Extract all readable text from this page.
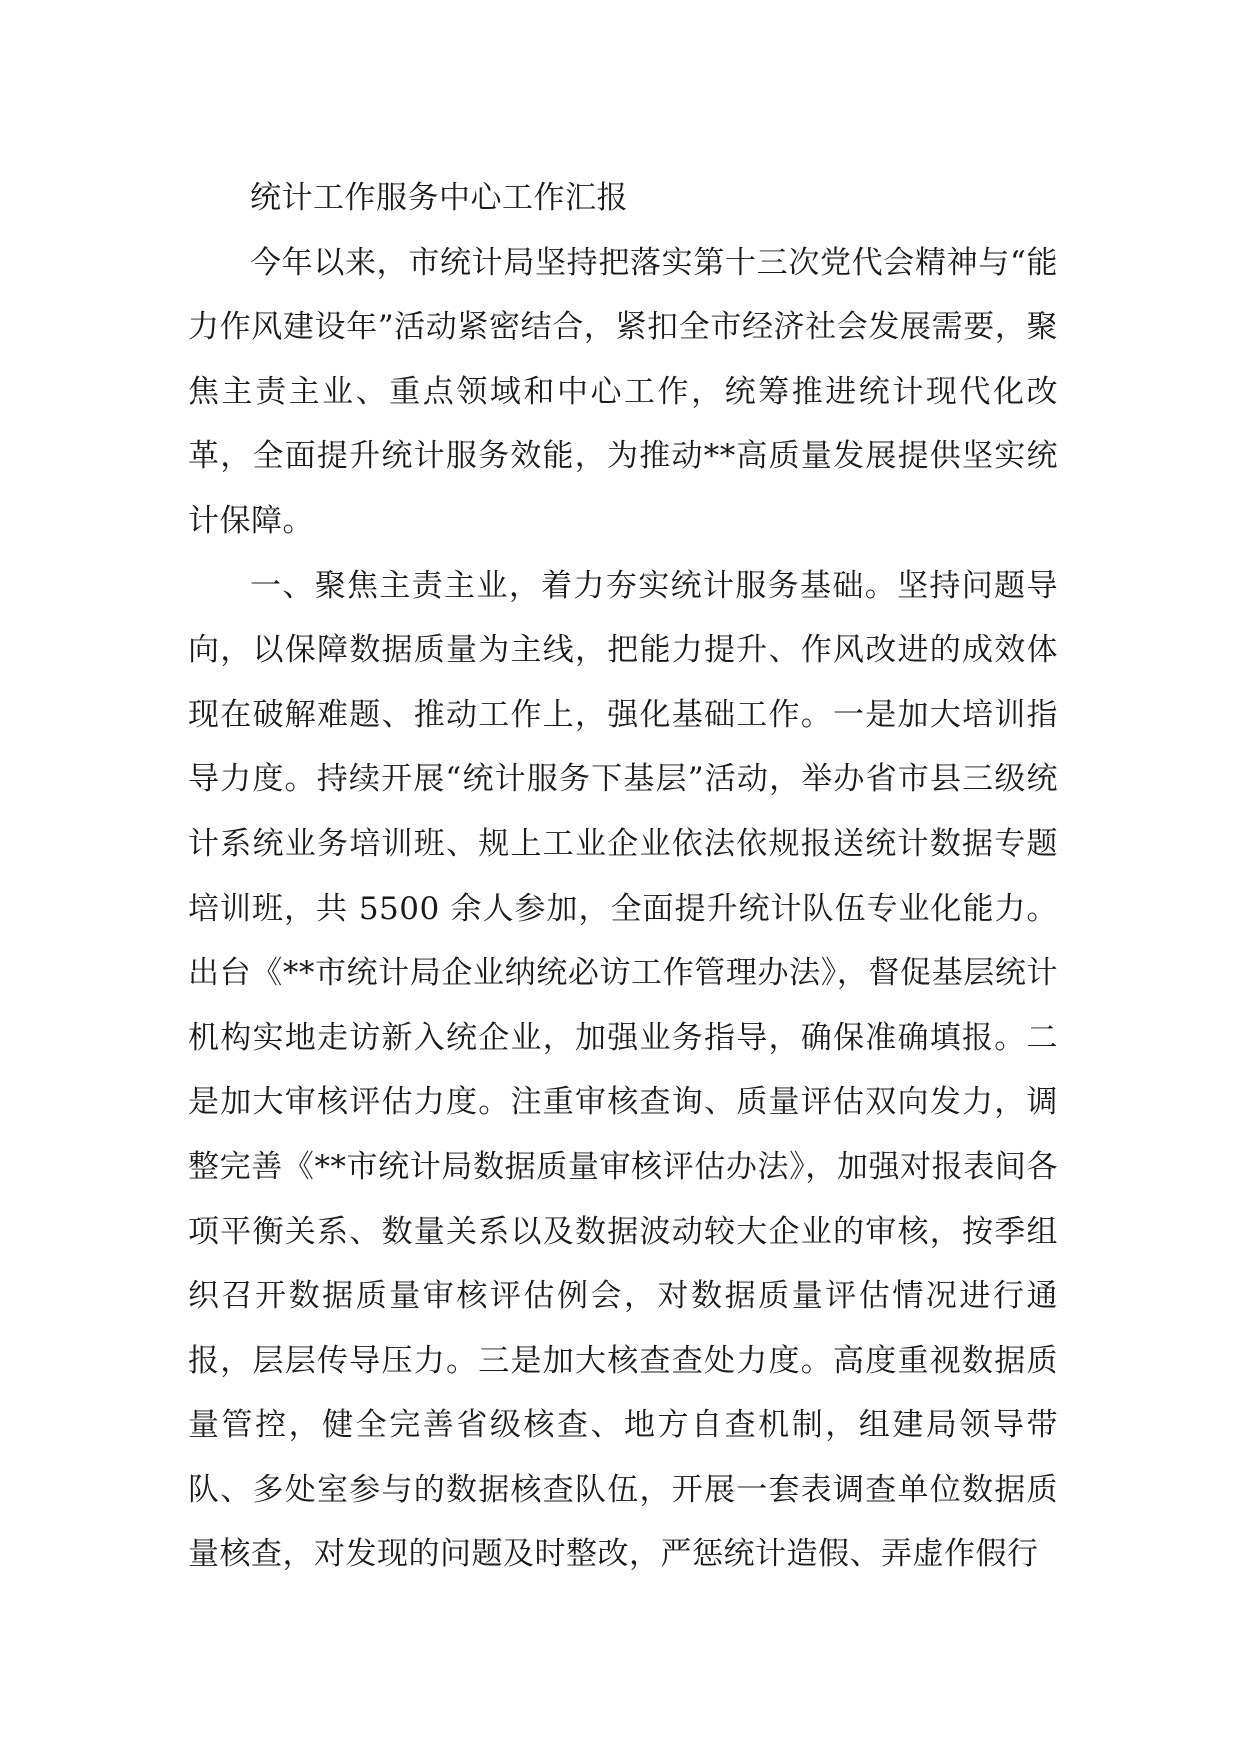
统计工作服务中心工作汇报

今年以来，市统计局坚持把落实第十三次党代会精神与“能力作风建设年”活动紧密结合，紧扣全市经济社会发展需要，聚焦主责主业、重点领域和中心工作，统筹推进统计现代化改革，全面提升统计服务效能，为推动**高质量发展提供坚实统计保障。

一、聚焦主责主业，着力夯实统计服务基础。坚持问题导向，以保障数据质量为主线，把能力提升、作风改进的成效体现在破解难题、推动工作上，强化基础工作。一是加大培训指导力度。持续开展“统计服务下基层”活动，举办省市县三级统计系统业务培训班、规上工业企业依法依规报送统计数据专题培训班，共 5500 余人参加，全面提升统计队伍专业化能力。出台《**市统计局企业纳统必访工作管理办法》，督促基层统计机构实地走访新入统企业，加强业务指导，确保准确填报。二是加大审核评估力度。注重审核查询、质量评估双向发力，调整完善《**市统计局数据质量审核评估办法》，加强对报表间各项平衡关系、数量关系以及数据波动较大企业的审核，按季组织召开数据质量审核评估例会，对数据质量评估情况进行通报，层层传导压力。三是加大核查查处力度。高度重视数据质量管控，健全完善省级核查、地方自查机制，组建局领导带队、多处室参与的数据核查队伍，开展一套表调查单位数据质量核查，对发现的问题及时整改，严惩统计造假、弄虚作假行
